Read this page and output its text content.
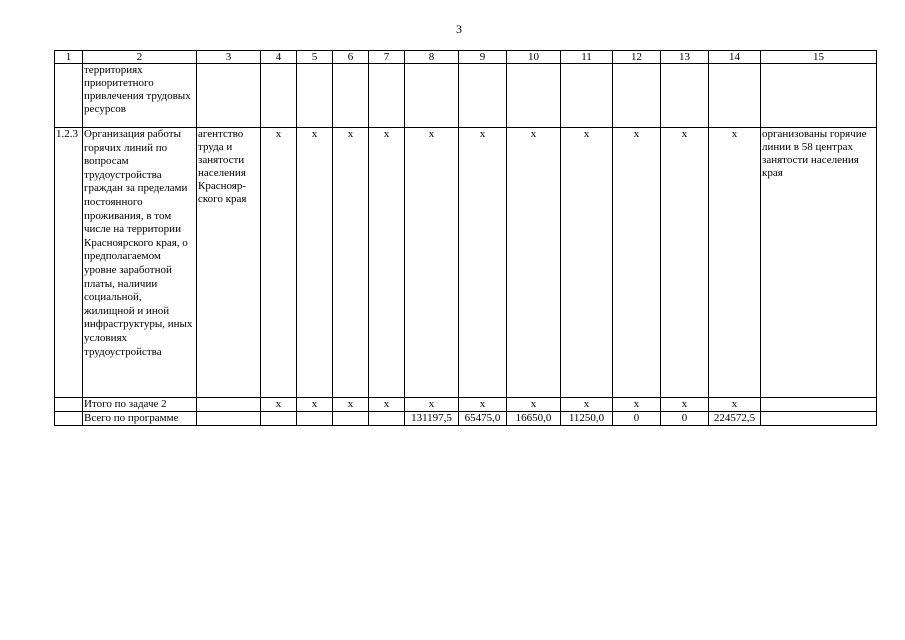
3
1	2	3	4	5	6	7	8	9	10	11	12	13	14	15
	территориях приоритетного привлечения трудовых ресурсов													
1.2.3	Организация работы горячих линий по вопросам трудоустройства граждан за пределами постоянного проживания, в том числе на территории Красноярского края, о предполагаемом уровне заработной платы, наличии социальной, жилищной и иной инфраструктуры, иных условиях трудоустройства	агентство труда и занятости населения Краснояр-ского края	х	х	х	х	х	х	х	х	х	х	х	организованы горячие линии в 58 центрах занятости населения края
	Итого по задаче 2		х	х	х	х	х	х	х	х	х	х	х	
	Всего по программе						131197,5	65475,0	16650,0	11250,0	0	0	224572,5	
